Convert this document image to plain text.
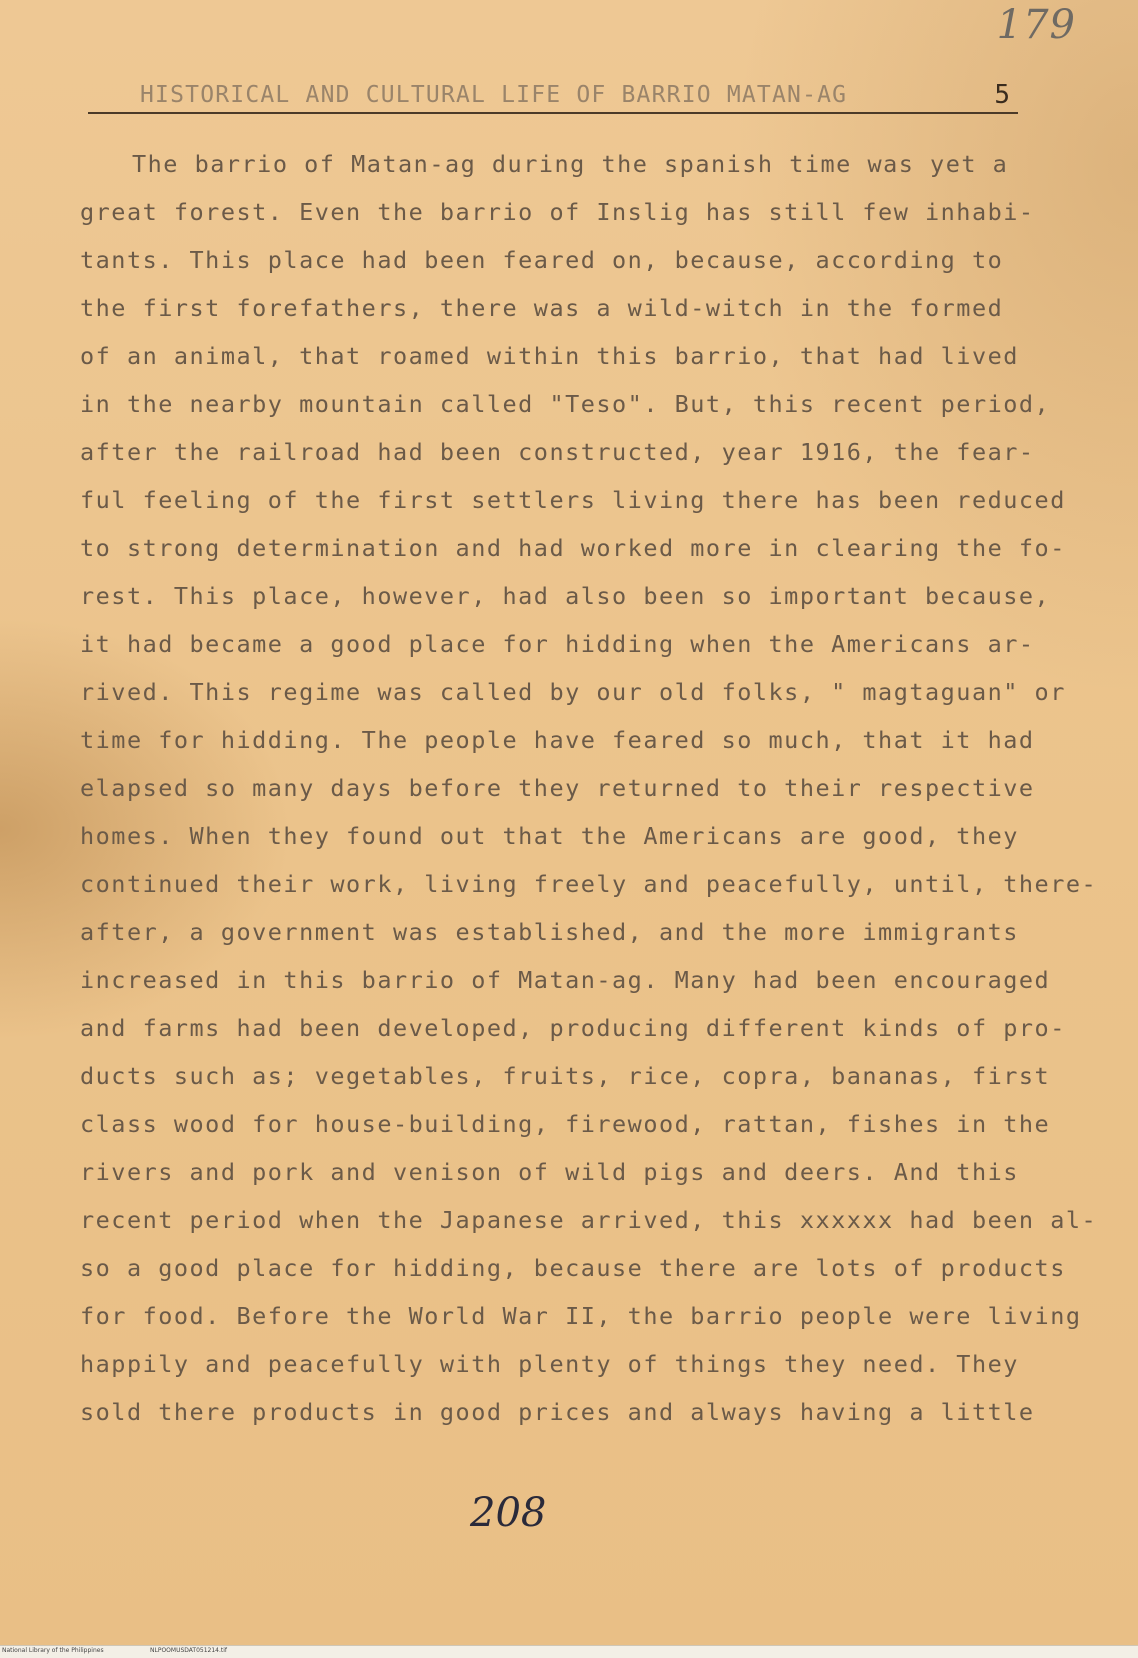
179
HISTORICAL AND CULTURAL LIFE OF BARRIO MATAN-AG	5
The barrio of Matan-ag during the spanish time was yet a
great forest. Even the barrio of Inslig has still few inhabi-
tants. This place had been feared on, because, according to
the first forefathers, there was a wild-witch in the formed
of an animal, that roamed within this barrio, that had lived
in the nearby mountain called "Teso". But, this recent period,
after the railroad had been constructed, year 1916, the fear-
ful feeling of the first settlers living there has been reduced
to strong determination and had worked more in clearing the fo-
rest. This place, however, had also been so important because,
it had became a good place for hidding when the Americans ar-
rived. This regime was called by our old folks, " magtaguan" or
time for hidding. The people have feared so much, that it had
elapsed so many days before they returned to their respective
homes. When they found out that the Americans are good, they
continued their work, living freely and peacefully, until, there-
after, a government was established, and the more immigrants
increased in this barrio of Matan-ag. Many had been encouraged
and farms had been developed, producing different kinds of pro-
ducts such as; vegetables, fruits, rice, copra, bananas, first
class wood for house-building, firewood, rattan, fishes in the
rivers and pork and venison of wild pigs and deers. And this
recent period when the Japanese arrived, this xxxxxx had been al-
so a good place for hidding, because there are lots of products
for food. Before the World War II, the barrio people were living
happily and peacefully with plenty of things they need. They
sold there products in good prices and always having a little
208
National Library of the Philippines	NLPOOMUSDAT051214.tif
